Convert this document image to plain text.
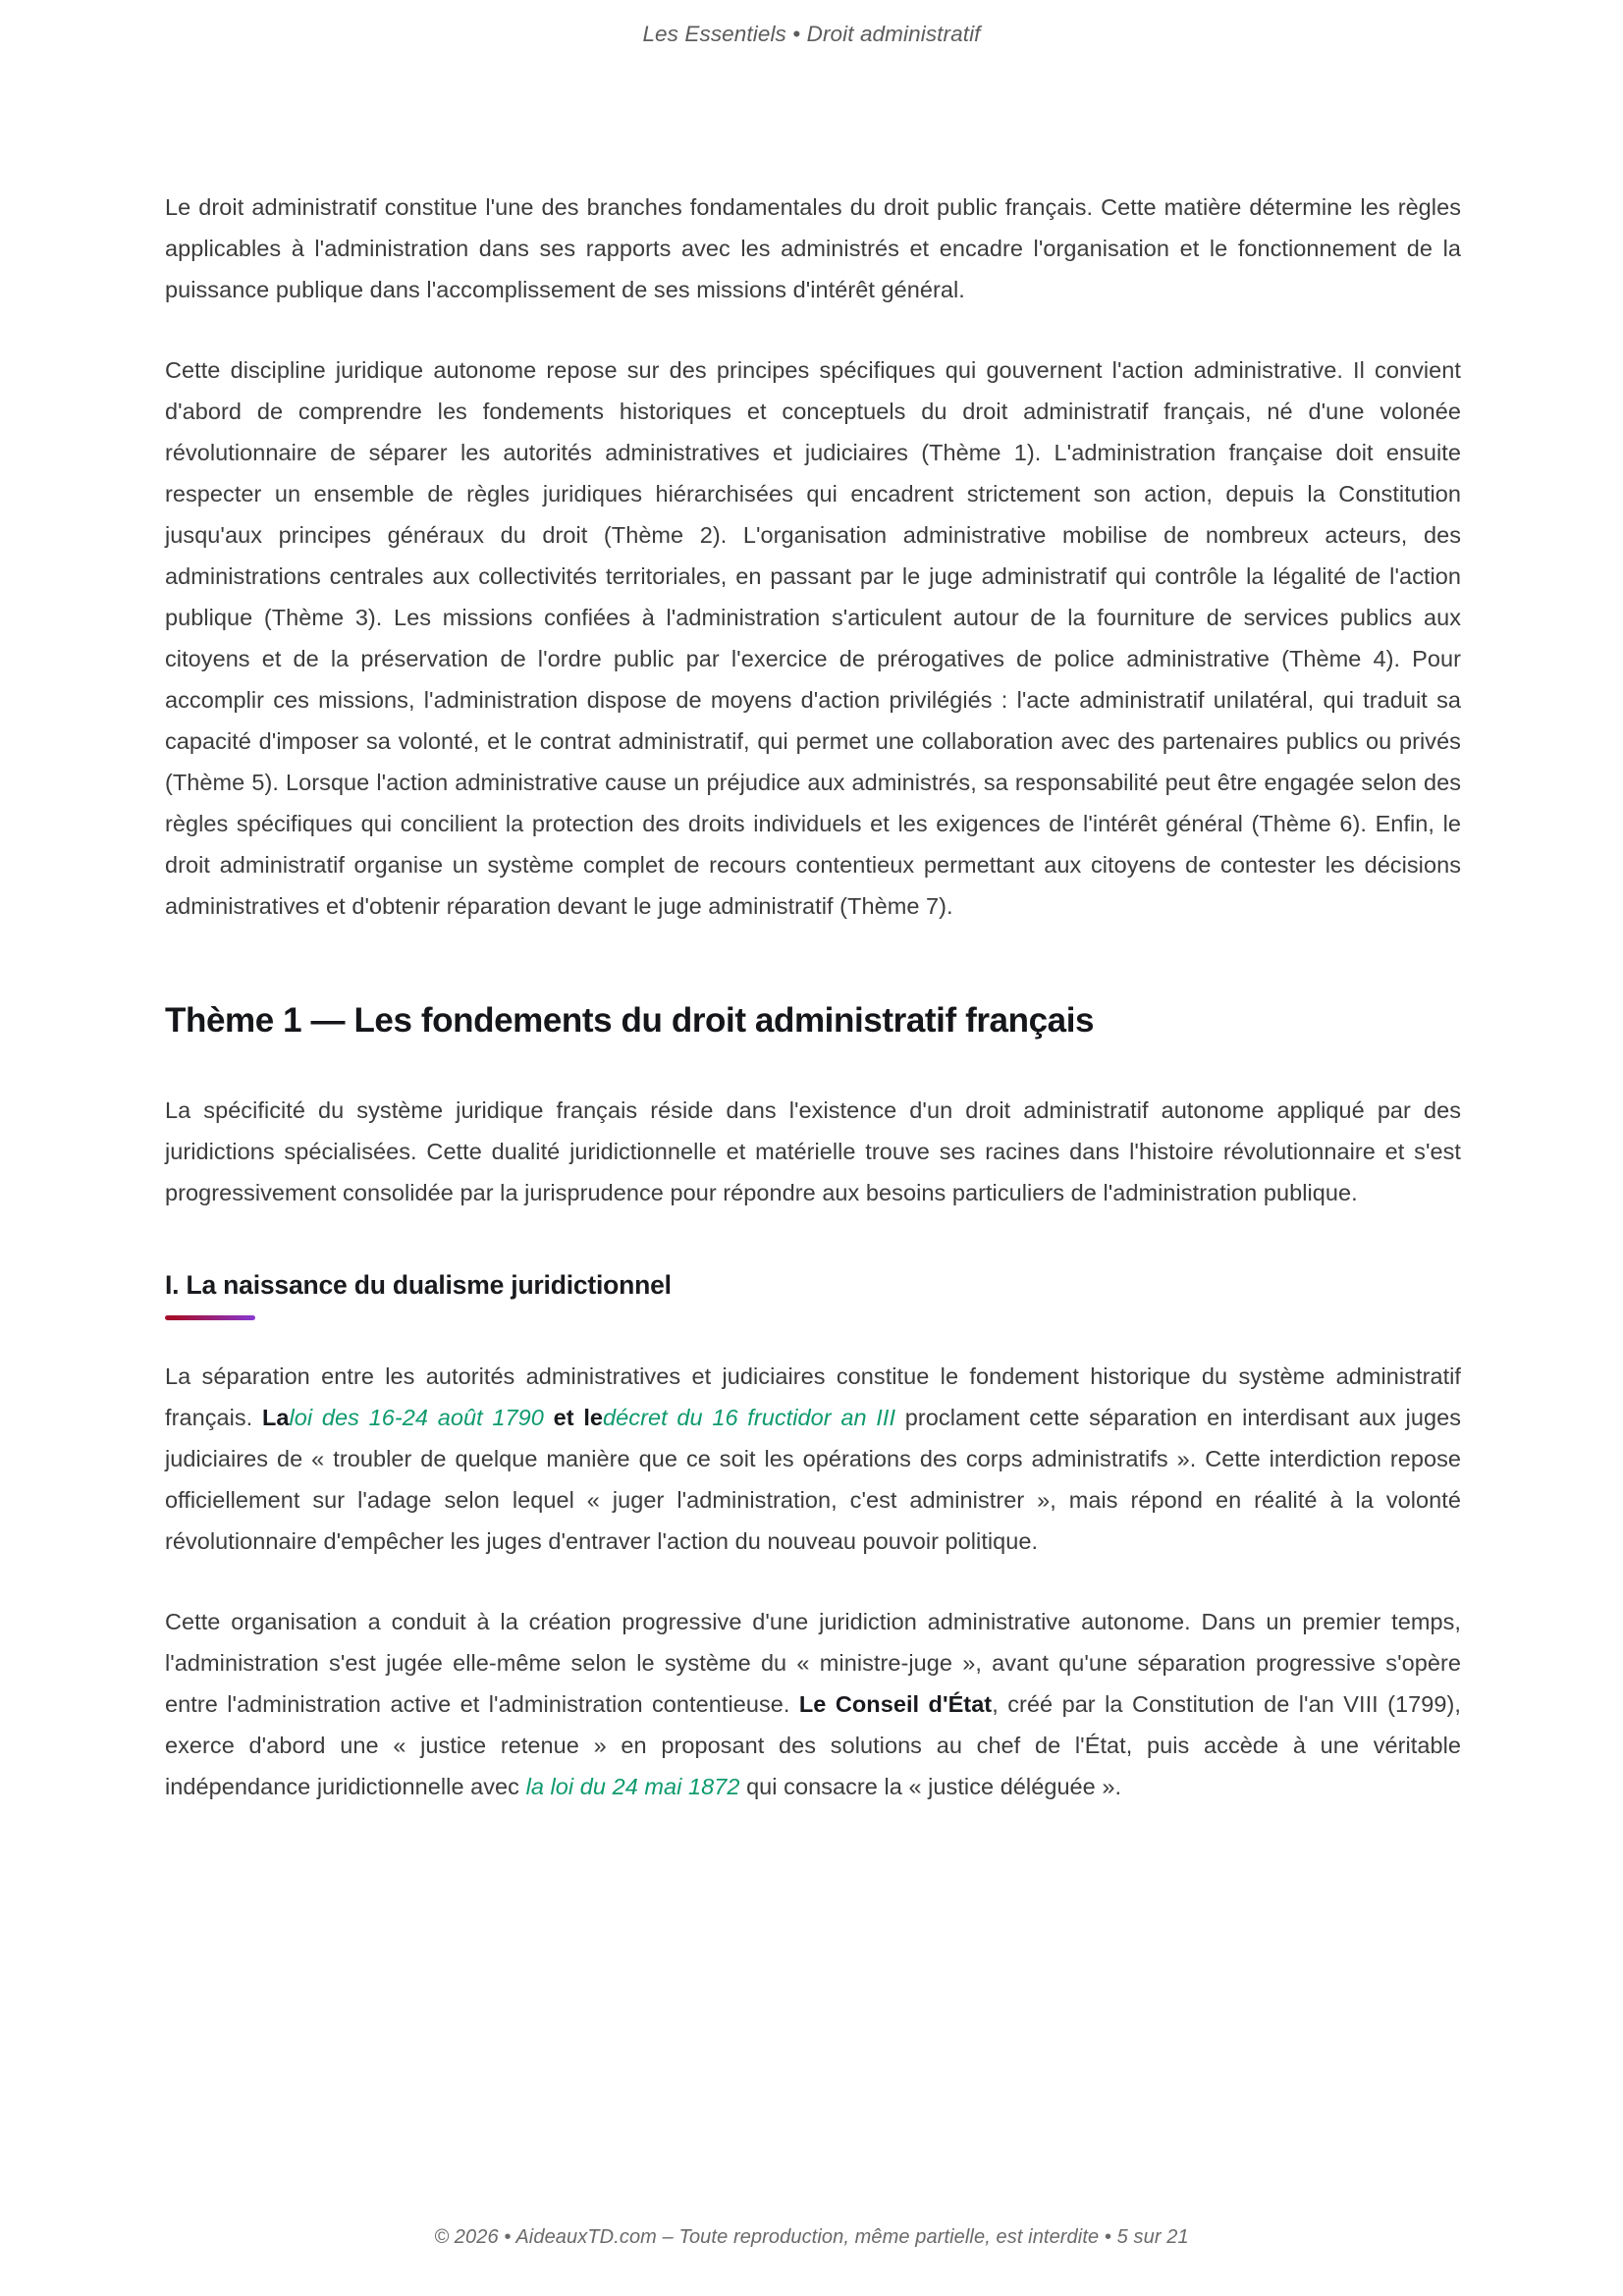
Les Essentiels • Droit administratif

Le droit administratif constitue l'une des branches fondamentales du droit public français. Cette matière détermine les règles applicables à l'administration dans ses rapports avec les administrés et encadre l'organisation et le fonctionnement de la puissance publique dans l'accomplissement de ses missions d'intérêt général.

Cette discipline juridique autonome repose sur des principes spécifiques qui gouvernent l'action administrative. Il convient d'abord de comprendre les fondements historiques et conceptuels du droit administratif français, né d'une volonée révolutionnaire de séparer les autorités administratives et judiciaires (Thème 1). L'administration française doit ensuite respecter un ensemble de règles juridiques hiérarchisées qui encadrent strictement son action, depuis la Constitution jusqu'aux principes généraux du droit (Thème 2). L'organisation administrative mobilise de nombreux acteurs, des administrations centrales aux collectivités territoriales, en passant par le juge administratif qui contrôle la légalité de l'action publique (Thème 3). Les missions confiées à l'administration s'articulent autour de la fourniture de services publics aux citoyens et de la préservation de l'ordre public par l'exercice de prérogatives de police administrative (Thème 4). Pour accomplir ces missions, l'administration dispose de moyens d'action privilégiés : l'acte administratif unilatéral, qui traduit sa capacité d'imposer sa volonté, et le contrat administratif, qui permet une collaboration avec des partenaires publics ou privés (Thème 5). Lorsque l'action administrative cause un préjudice aux administrés, sa responsabilité peut être engagée selon des règles spécifiques qui concilient la protection des droits individuels et les exigences de l'intérêt général (Thème 6). Enfin, le droit administratif organise un système complet de recours contentieux permettant aux citoyens de contester les décisions administratives et d'obtenir réparation devant le juge administratif (Thème 7).

Thème 1 — Les fondements du droit administratif français

La spécificité du système juridique français réside dans l'existence d'un droit administratif autonome appliqué par des juridictions spécialisées. Cette dualité juridictionnelle et matérielle trouve ses racines dans l'histoire révolutionnaire et s'est progressivement consolidée par la jurisprudence pour répondre aux besoins particuliers de l'administration publique.

I. La naissance du dualisme juridictionnel

La séparation entre les autorités administratives et judiciaires constitue le fondement historique du système administratif français. Laloi des 16-24 août 1790 et ledécret du 16 fructidor an III proclament cette séparation en interdisant aux juges judiciaires de « troubler de quelque manière que ce soit les opérations des corps administratifs ». Cette interdiction repose officiellement sur l'adage selon lequel « juger l'administration, c'est administrer », mais répond en réalité à la volonté révolutionnaire d'empêcher les juges d'entraver l'action du nouveau pouvoir politique.

Cette organisation a conduit à la création progressive d'une juridiction administrative autonome. Dans un premier temps, l'administration s'est jugée elle-même selon le système du « ministre-juge », avant qu'une séparation progressive s'opère entre l'administration active et l'administration contentieuse. Le Conseil d'État, créé par la Constitution de l'an VIII (1799), exerce d'abord une « justice retenue » en proposant des solutions au chef de l'État, puis accède à une véritable indépendance juridictionnelle avec la loi du 24 mai 1872 qui consacre la « justice déléguée ».

© 2026 • AideauxTD.com – Toute reproduction, même partielle, est interdite • 5 sur 21
